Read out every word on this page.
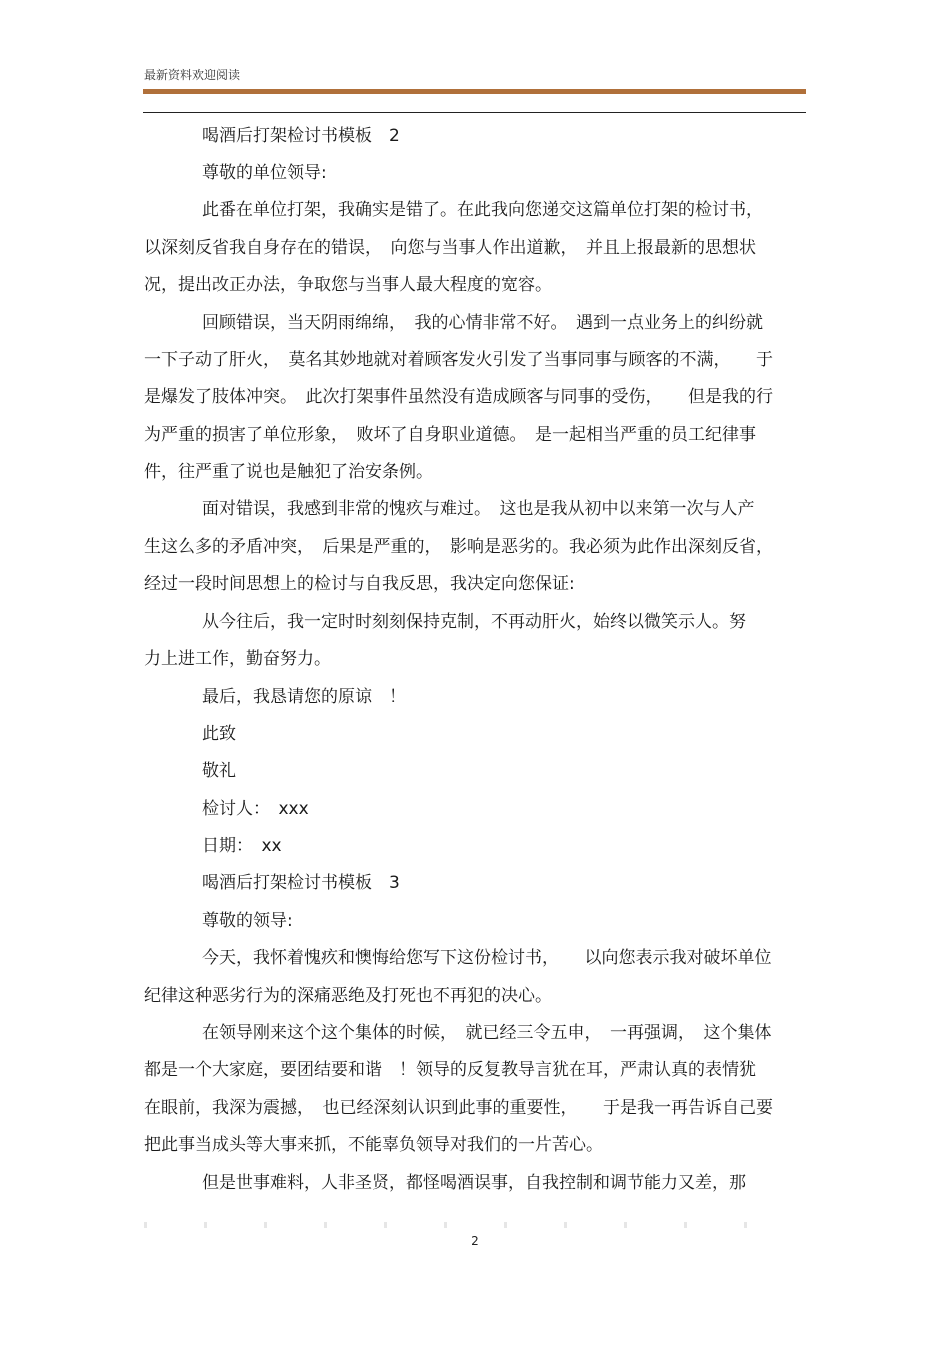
最新资料欢迎阅读
喝酒后打架检讨书模板　2
尊敬的单位领导:
此番在单位打架，我确实是错了。在此我向您递交这篇单位打架的检讨书，
以深刻反省我自身存在的错误，　向您与当事人作出道歉，　并且上报最新的思想状
况，提出改正办法，争取您与当事人最大程度的宽容。
回顾错误，当天阴雨绵绵，　我的心情非常不好。　遇到一点业务上的纠纷就
一下子动了肝火，　莫名其妙地就对着顾客发火引发了当事同事与顾客的不满，　　于
是爆发了肢体冲突。　此次打架事件虽然没有造成顾客与同事的受伤，　　但是我的行
为严重的损害了单位形象，　败坏了自身职业道德。　是一起相当严重的员工纪律事
件，往严重了说也是触犯了治安条例。
面对错误，我感到非常的愧疚与难过。　这也是我从初中以来第一次与人产
生这么多的矛盾冲突，　后果是严重的，　影响是恶劣的。我必须为此作出深刻反省，
经过一段时间思想上的检讨与自我反思，我决定向您保证:
从今往后，我一定时时刻刻保持克制，不再动肝火，始终以微笑示人。努
力上进工作，勤奋努力。
最后，我恳请您的原谅　！
此致
敬礼
检讨人：　xxx
日期：　xx
喝酒后打架检讨书模板　3
尊敬的领导:
今天，我怀着愧疚和懊悔给您写下这份检讨书，　　以向您表示我对破坏单位
纪律这种恶劣行为的深痛恶绝及打死也不再犯的决心。
在领导刚来这个这个集体的时候，　就已经三令五申，　一再强调，　这个集体
都是一个大家庭，要团结要和谐　！领导的反复教导言犹在耳，严肃认真的表情犹
在眼前，我深为震撼，　也已经深刻认识到此事的重要性，　　于是我一再告诉自己要
把此事当成头等大事来抓，不能辜负领导对我们的一片苦心。
但是世事难料，人非圣贤，都怪喝酒误事，自我控制和调节能力又差，那
2
